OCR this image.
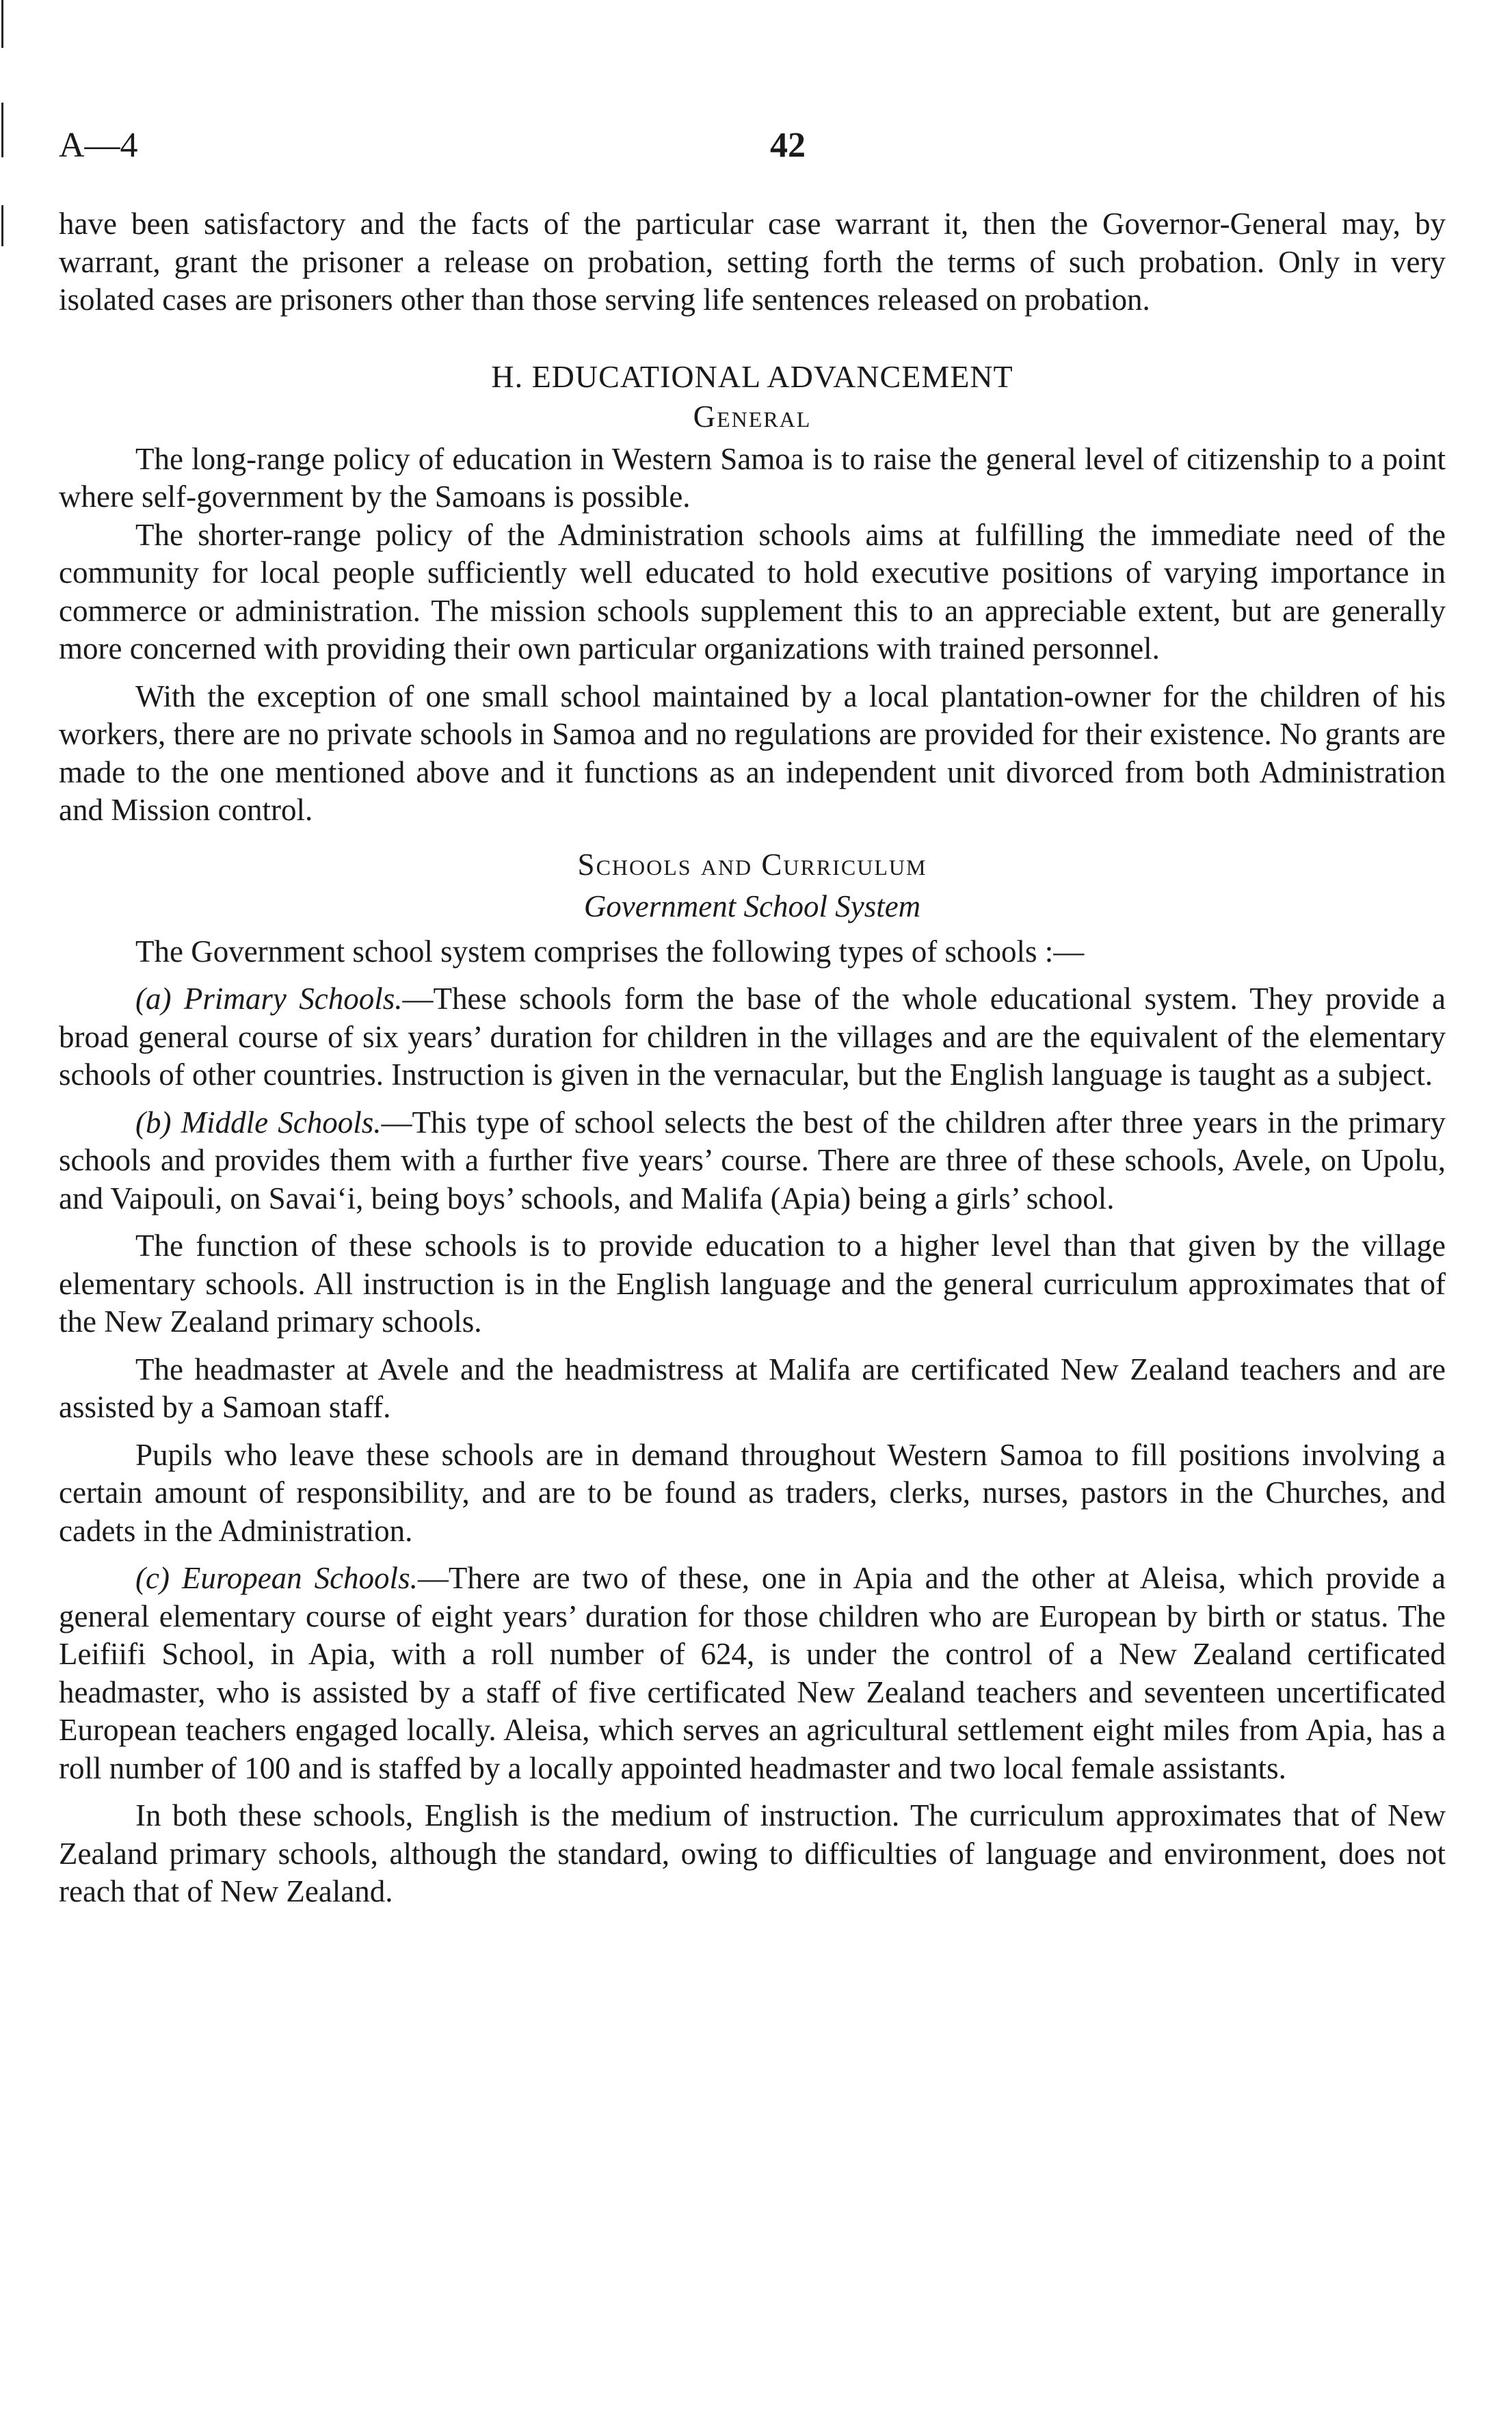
A—4	42

have been satisfactory and the facts of the particular case warrant it, then the Governor-General may, by warrant, grant the prisoner a release on probation, setting forth the terms of such probation. Only in very isolated cases are prisoners other than those serving life sentences released on probation.

H. EDUCATIONAL ADVANCEMENT

General

The long-range policy of education in Western Samoa is to raise the general level of citizenship to a point where self-government by the Samoans is possible.

The shorter-range policy of the Administration schools aims at fulfilling the immediate need of the community for local people sufficiently well educated to hold executive positions of varying importance in commerce or administration. The mission schools supplement this to an appreciable extent, but are generally more concerned with providing their own particular organizations with trained personnel.

With the exception of one small school maintained by a local plantation-owner for the children of his workers, there are no private schools in Samoa and no regulations are provided for their existence. No grants are made to the one mentioned above and it functions as an independent unit divorced from both Administration and Mission control.

Schools and Curriculum

Government School System

The Government school system comprises the following types of schools :—

(a) Primary Schools.—These schools form the base of the whole educational system. They provide a broad general course of six years’ duration for children in the villages and are the equivalent of the elementary schools of other countries. Instruction is given in the vernacular, but the English language is taught as a subject.

(b) Middle Schools.—This type of school selects the best of the children after three years in the primary schools and provides them with a further five years’ course. There are three of these schools, Avele, on Upolu, and Vaipouli, on Savai‘i, being boys’ schools, and Malifa (Apia) being a girls’ school.

The function of these schools is to provide education to a higher level than that given by the village elementary schools. All instruction is in the English language and the general curriculum approximates that of the New Zealand primary schools.

The headmaster at Avele and the headmistress at Malifa are certificated New Zealand teachers and are assisted by a Samoan staff.

Pupils who leave these schools are in demand throughout Western Samoa to fill positions involving a certain amount of responsibility, and are to be found as traders, clerks, nurses, pastors in the Churches, and cadets in the Administration.

(c) European Schools.—There are two of these, one in Apia and the other at Aleisa, which provide a general elementary course of eight years’ duration for those children who are European by birth or status. The Leifiifi School, in Apia, with a roll number of 624, is under the control of a New Zealand certificated headmaster, who is assisted by a staff of five certificated New Zealand teachers and seventeen uncertificated European teachers engaged locally. Aleisa, which serves an agricultural settlement eight miles from Apia, has a roll number of 100 and is staffed by a locally appointed headmaster and two local female assistants.

In both these schools, English is the medium of instruction. The curriculum approximates that of New Zealand primary schools, although the standard, owing to difficulties of language and environment, does not reach that of New Zealand.
